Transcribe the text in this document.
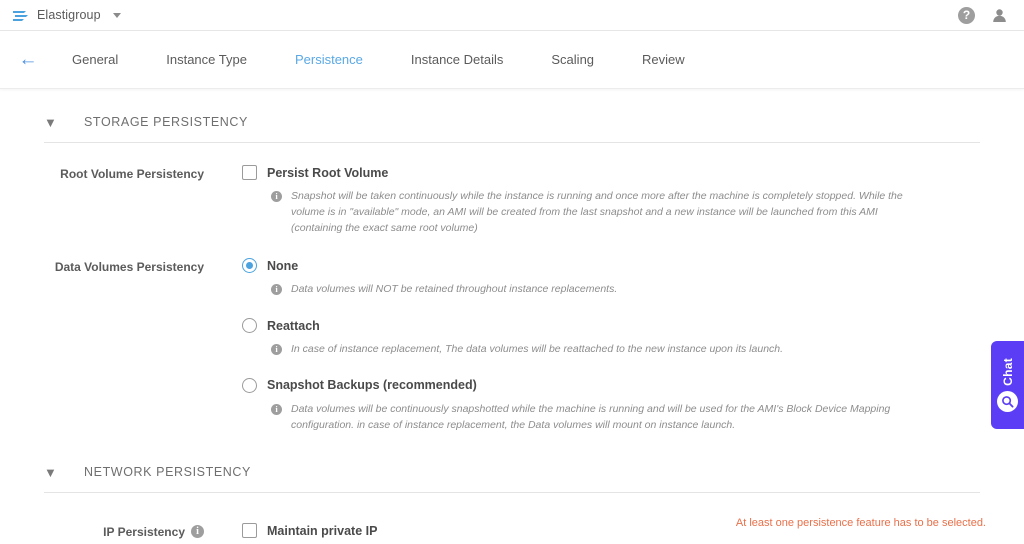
Elastigroup	?
←	General	Instance Type	Persistence	Instance Details	Scaling	Review
▼	STORAGE PERSISTENCY
Root Volume Persistency	Persist Root Volume
i	Snapshot will be taken continuously while the instance is running and once more after the machine is completely stopped. While the volume is in "available" mode, an AMI will be created from the last snapshot and a new instance will be launched from this AMI (containing the exact same root volume)
Data Volumes Persistency	None
i	Data volumes will NOT be retained throughout instance replacements.
Reattach
i	In case of instance replacement, The data volumes will be reattached to the new instance upon its launch.
Snapshot Backups (recommended)
i	Data volumes will be continuously snapshotted while the machine is running and will be used for the AMI's Block Device Mapping configuration. in case of instance replacement, the Data volumes will mount on instance launch.
▼	NETWORK PERSISTENCY
IP Persistency	i	Maintain private IP
Chat
At least one persistence feature has to be selected.
